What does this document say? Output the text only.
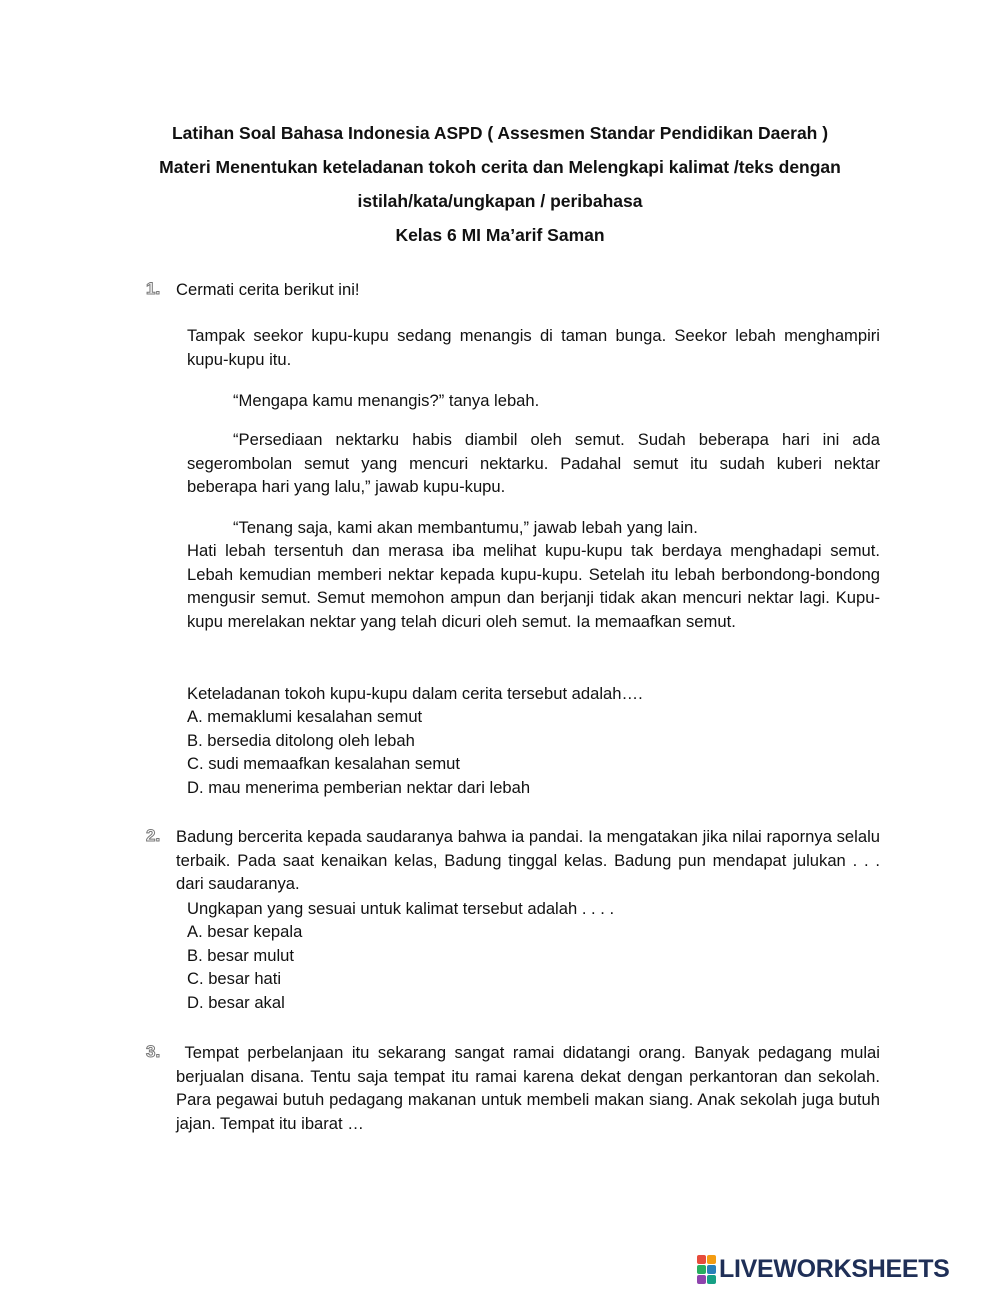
Latihan Soal Bahasa Indonesia ASPD ( Assesmen Standar Pendidikan Daerah )
Materi Menentukan keteladanan tokoh cerita dan Melengkapi kalimat /teks dengan
istilah/kata/ungkapan / peribahasa
Kelas 6 MI Ma’arif Saman
1. Cermati cerita berikut ini!
Tampak seekor kupu-kupu sedang menangis di taman bunga. Seekor lebah menghampiri kupu-kupu itu.
“Mengapa kamu menangis?” tanya lebah.
“Persediaan nektarku habis diambil oleh semut. Sudah beberapa hari ini ada segerombolan semut yang mencuri nektarku. Padahal semut itu sudah kuberi nektar beberapa hari yang lalu,” jawab kupu-kupu.
“Tenang saja, kami akan membantumu,” jawab lebah yang lain.
Hati lebah tersentuh dan merasa iba melihat kupu-kupu tak berdaya menghadapi semut. Lebah kemudian memberi nektar kepada kupu-kupu. Setelah itu lebah berbondong-bondong mengusir semut. Semut memohon ampun dan berjanji tidak akan mencuri nektar lagi. Kupu-kupu merelakan nektar yang telah dicuri oleh semut. Ia memaafkan semut.
Keteladanan tokoh kupu-kupu dalam cerita tersebut adalah….
A. memaklumi kesalahan semut
B. bersedia ditolong oleh lebah
C. sudi memaafkan kesalahan semut
D. mau menerima pemberian nektar dari lebah
2. Badung bercerita kepada saudaranya bahwa ia pandai. Ia mengatakan jika nilai rapornya selalu terbaik. Pada saat kenaikan kelas, Badung tinggal kelas. Badung pun mendapat julukan . . . dari saudaranya.
Ungkapan yang sesuai untuk kalimat tersebut adalah . . . .
A. besar kepala
B. besar mulut
C. besar hati
D. besar akal
3. Tempat perbelanjaan itu sekarang sangat ramai didatangi orang. Banyak pedagang mulai berjualan disana. Tentu saja tempat itu ramai karena dekat dengan perkantoran dan sekolah. Para pegawai butuh pedagang makanan untuk membeli makan siang. Anak sekolah juga butuh jajan. Tempat itu ibarat …
LIVEWORKSHEETS
